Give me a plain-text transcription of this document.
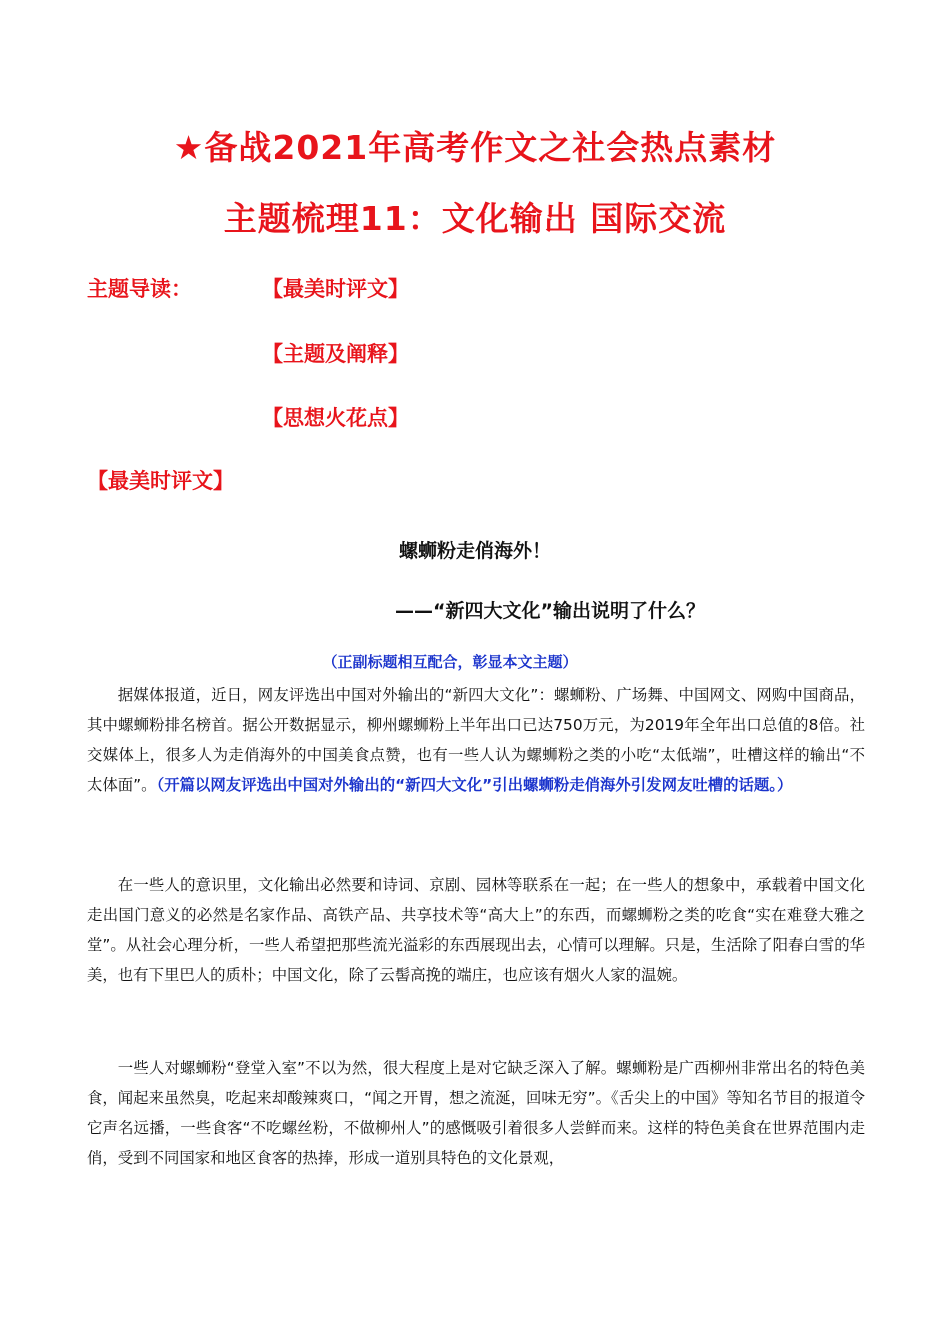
★备战2021年高考作文之社会热点素材
主题梳理11：文化输出 国际交流
主题导读：	【最美时评文】
【主题及阐释】
【思想火花点】
【最美时评文】
螺蛳粉走俏海外！
——“新四大文化”输出说明了什么？
（正副标题相互配合，彰显本文主题）
据媒体报道，近日，网友评选出中国对外输出的“新四大文化”：螺蛳粉、广场舞、中国网文、网购中国商品，其中螺蛳粉排名榜首。据公开数据显示，柳州螺蛳粉上半年出口已达750万元，为2019年全年出口总值的8倍。社交媒体上，很多人为走俏海外的中国美食点赞，也有一些人认为螺蛳粉之类的小吃“太低端”，吐槽这样的输出“不太体面”。（开篇以网友评选出中国对外输出的“新四大文化”引出螺蛳粉走俏海外引发网友吐槽的话题。）
在一些人的意识里，文化输出必然要和诗词、京剧、园林等联系在一起；在一些人的想象中，承载着中国文化走出国门意义的必然是名家作品、高铁产品、共享技术等“高大上”的东西，而螺蛳粉之类的吃食“实在难登大雅之堂”。从社会心理分析，一些人希望把那些流光溢彩的东西展现出去，心情可以理解。只是，生活除了阳春白雪的华美，也有下里巴人的质朴；中国文化，除了云髻高挽的端庄，也应该有烟火人家的温婉。
一些人对螺蛳粉“登堂入室”不以为然，很大程度上是对它缺乏深入了解。螺蛳粉是广西柳州非常出名的特色美食，闻起来虽然臭，吃起来却酸辣爽口，“闻之开胃，想之流涎，回味无穷”。《舌尖上的中国》等知名节目的报道令它声名远播，一些食客“不吃螺丝粉，不做柳州人”的感慨吸引着很多人尝鲜而来。这样的特色美食在世界范围内走俏，受到不同国家和地区食客的热捧，形成一道别具特色的文化景观，
